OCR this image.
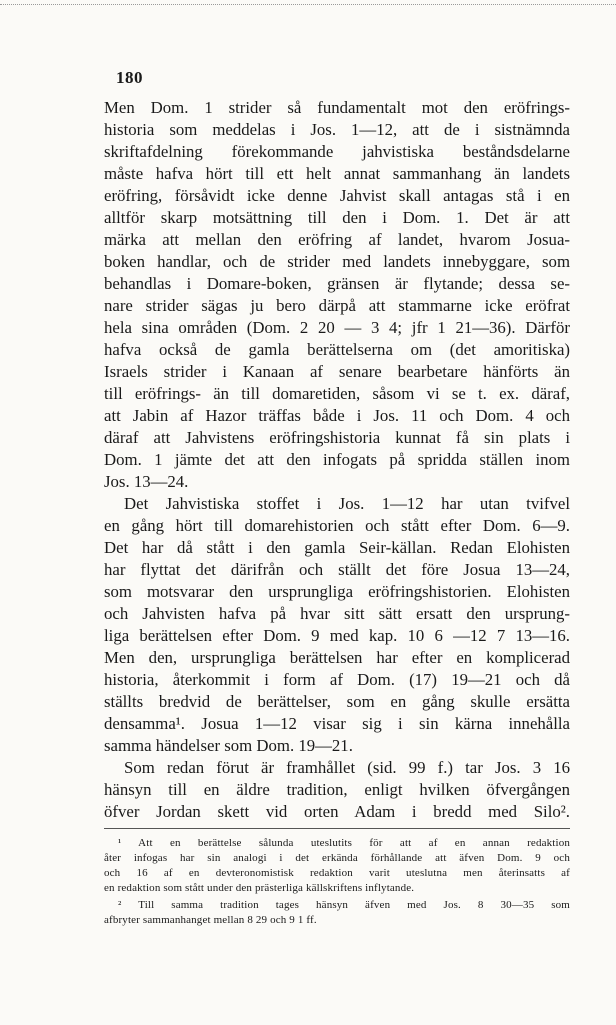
180
Men Dom. 1 strider så fundamentalt mot den eröfrings-
historia som meddelas i Jos. 1—12, att de i sistnämnda
skriftafdelning förekommande jahvistiska beståndsdelarne
måste hafva hört till ett helt annat sammanhang än landets
eröfring, försåvidt icke denne Jahvist skall antagas stå i en
alltför skarp motsättning till den i Dom. 1. Det är att
märka att mellan den eröfring af landet, hvarom Josua-
boken handlar, och de strider med landets innebyggare, som
behandlas i Domare-boken, gränsen är flytande; dessa se-
nare strider sägas ju bero därpå att stammarne icke eröfrat
hela sina områden (Dom. 2 20 — 3 4; jfr 1 21—36). Därför
hafva också de gamla berättelserna om (det amoritiska)
Israels strider i Kanaan af senare bearbetare hänförts än
till eröfrings- än till domaretiden, såsom vi se t. ex. däraf,
att Jabin af Hazor träffas både i Jos. 11 och Dom. 4 och
däraf att Jahvistens eröfringshistoria kunnat få sin plats i
Dom. 1 jämte det att den infogats på spridda ställen inom
Jos. 13—24.
Det Jahvistiska stoffet i Jos. 1—12 har utan tvifvel
en gång hört till domarehistorien och stått efter Dom. 6—9.
Det har då stått i den gamla Seir-källan. Redan Elohisten
har flyttat det därifrån och ställt det före Josua 13—24,
som motsvarar den ursprungliga eröfringshistorien. Elohisten
och Jahvisten hafva på hvar sitt sätt ersatt den ursprung-
liga berättelsen efter Dom. 9 med kap. 10 6 —12 7 13—16.
Men den, ursprungliga berättelsen har efter en komplicerad
historia, återkommit i form af Dom. (17) 19—21 och då
ställts bredvid de berättelser, som en gång skulle ersätta
densamma¹. Josua 1—12 visar sig i sin kärna innehålla
samma händelser som Dom. 19—21.
Som redan förut är framhållet (sid. 99 f.) tar Jos. 3 16
hänsyn till en äldre tradition, enligt hvilken öfvergången
öfver Jordan skett vid orten Adam i bredd med Silo².
¹ Att en berättelse sålunda uteslutits för att af en annan redaktion
åter infogas har sin analogi i det erkända förhållande att äfven Dom. 9 och
och 16 af en devteronomistisk redaktion varit uteslutna men återinsatts af
en redaktion som stått under den prästerliga källskriftens inflytande.
² Till samma tradition tages hänsyn äfven med Jos. 8 30—35 som
afbryter sammanhanget mellan 8 29 och 9 1 ff.
